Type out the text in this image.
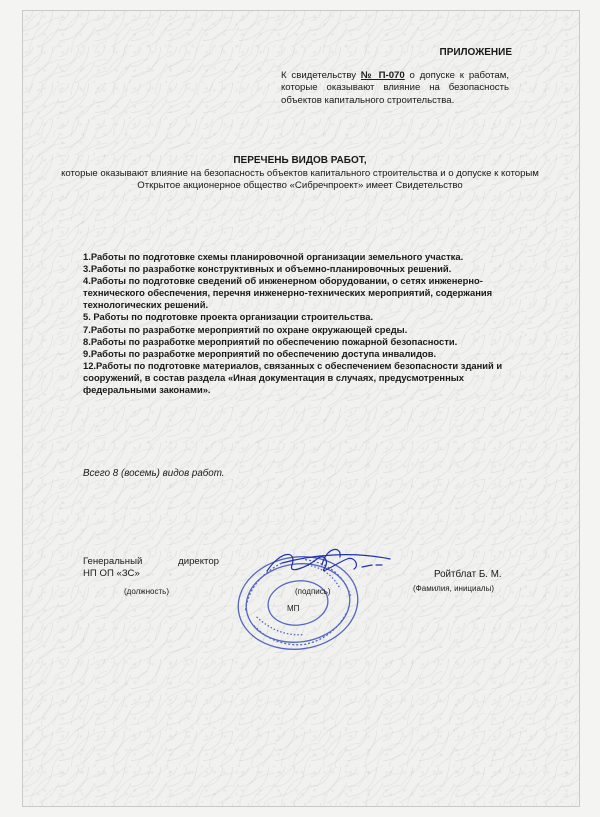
ПРИЛОЖЕНИЕ
К свидетельству № П-070 о допуске к работам, которые оказывают влияние на безопасность объектов капитального строительства.
ПЕРЕЧЕНЬ ВИДОВ РАБОТ,
которые оказывают влияние на безопасность объектов капитального строительства и о допуске к которым Открытое акционерное общество «Сибречпроект» имеет Свидетельство
1.Работы по подготовке схемы планировочной организации земельного участка.
3.Работы по разработке конструктивных и объемно-планировочных решений.
4.Работы по подготовке сведений об инженерном оборудовании, о сетях инженерно-технического обеспечения, перечня инженерно-технических мероприятий, содержания технологических решений.
5. Работы по подготовке проекта организации строительства.
7.Работы по разработке мероприятий по охране окружающей среды.
8.Работы по разработке мероприятий по обеспечению пожарной безопасности.
9.Работы по разработке мероприятий по обеспечению доступа инвалидов.
12.Работы по подготовке материалов, связанных с обеспечением безопасности зданий и сооружений, в состав раздела «Иная документация в случаях, предусмотренных федеральными законами».
Всего 8 (восемь) видов работ.
Генеральный	директор
НП ОП «ЗС»
(должность)	(подпись)
МП
Ройтблат Б. М.
(Фамилия, инициалы)
